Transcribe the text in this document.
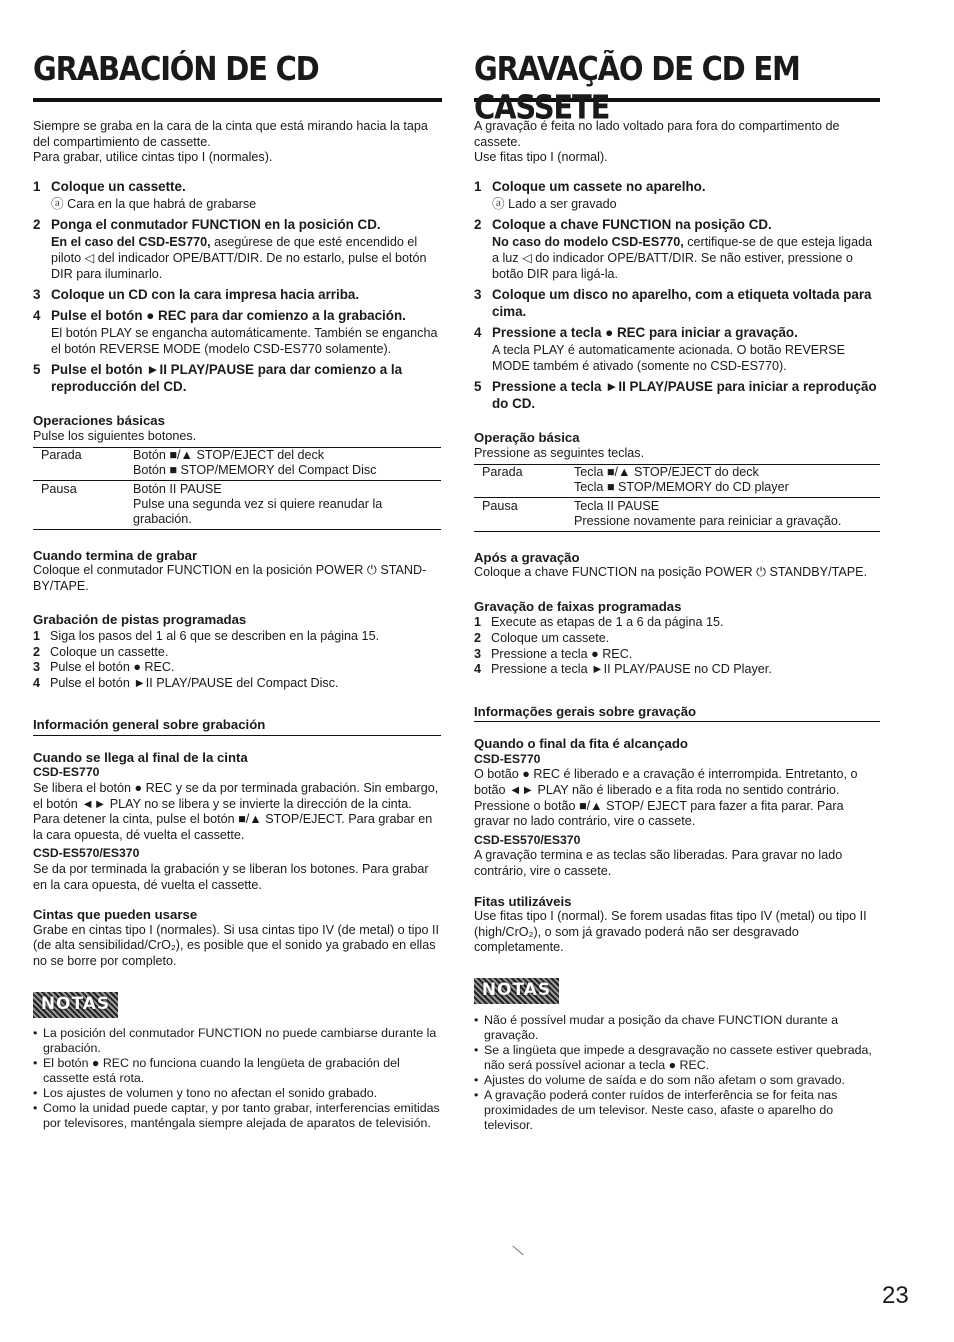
GRABACIÓN DE CD

Siempre se graba en la cara de la cinta que está mirando hacia la tapa del compartimiento de cassette.

Para grabar, utilice cintas tipo I (normales).

1 Coloque un cassette.

ⓐ Cara en la que habrá de grabarse

2 Ponga el conmutador FUNCTION en la posición CD.

En el caso del CSD-ES770, asegúrese de que esté encendido el piloto ◁ del indicador OPE/BATT/DIR. De no estarlo, pulse el botón DIR para iluminarlo.

3 Coloque un CD con la cara impresa hacia arriba.
4 Pulse el botón ● REC para dar comienzo a la grabación.

El botón PLAY se engancha automáticamente. También se engancha el botón REVERSE MODE (modelo CSD-ES770 solamente).

5 Pulse el botón ►II PLAY/PAUSE para dar comienzo a la reproducción del CD.
Operaciones básicas

Pulse los siguientes botones.

Parada	Botón ■/▲ STOP/EJECT del deck
Botón ■ STOP/MEMORY del Compact Disc

Pausa	Botón II PAUSE
Pulse una segunda vez si quiere reanudar la grabación.
Cuando termina de grabar

Coloque el conmutador FUNCTION en la posición POWER ⏻ STAND-BY/TAPE.

Grabación de pistas programadas
1 Siga los pasos del 1 al 6 que se describen en la página 15.
2 Coloque un cassette.
3 Pulse el botón ● REC.
4 Pulse el botón ►II PLAY/PAUSE del Compact Disc.
Información general sobre grabación
Cuando se llega al final de la cinta
CSD-ES770

Se libera el botón ● REC y se da por terminada grabación. Sin embargo, el botón ◄► PLAY no se libera y se invierte la dirección de la cinta. Para detener la cinta, pulse el botón ■/▲ STOP/EJECT. Para grabar en la cara opuesta, dé vuelta el cassette.

CSD-ES570/ES370

Se da por terminada la grabación y se liberan los botones. Para grabar en la cara opuesta, dé vuelta el cassette.

Cintas que pueden usarse

Grabe en cintas tipo I (normales). Si usa cintas tipo IV (de metal) o tipo II (de alta sensibilidad/CrO₂), es posible que el sonido ya grabado en ellas no se borre por completo.

NOTAS
• La posición del conmutador FUNCTION no puede cambiarse durante la grabación.
• El botón ● REC no funciona cuando la lengüeta de grabación del cassette está rota.
• Los ajustes de volumen y tono no afectan el sonido grabado.
• Como la unidad puede captar, y por tanto grabar, interferencias emitidas por televisores, manténgala siempre alejada de aparatos de televisión.
GRAVAÇÃO DE CD EM CASSETE

A gravação é feita no lado voltado para fora do compartimento de cassete.

Use fitas tipo I (normal).

1 Coloque um cassete no aparelho.

ⓐ Lado a ser gravado

2 Coloque a chave FUNCTION na posição CD.

No caso do modelo CSD-ES770, certifique-se de que esteja ligada a luz ◁ do indicador OPE/BATT/DIR. Se não estiver, pressione o botão DIR para ligá-la.

3 Coloque um disco no aparelho, com a etiqueta voltada para cima.
4 Pressione a tecla ● REC para iniciar a gravação.

A tecla PLAY é automaticamente acionada. O botão REVERSE MODE também é ativado (somente no CSD-ES770).

5 Pressione a tecla ►II PLAY/PAUSE para iniciar a reprodução do CD.
Operação básica

Pressione as seguintes teclas.

Parada	Tecla ■/▲ STOP/EJECT do deck
Tecla ■ STOP/MEMORY do CD player

Pausa	Tecla II PAUSE
Pressione novamente para reiniciar a gravação.
Após a gravação

Coloque a chave FUNCTION na posição POWER ⏻ STANDBY/TAPE.

Gravação de faixas programadas
1 Execute as etapas de 1 a 6 da página 15.
2 Coloque um cassete.
3 Pressione a tecla ● REC.
4 Pressione a tecla ►II PLAY/PAUSE no CD Player.
Informações gerais sobre gravação
Quando o final da fita é alcançado
CSD-ES770

O botão ● REC é liberado e a cravação é interrompida. Entretanto, o botão ◄► PLAY não é liberado e a fita roda no sentido contrário. Pressione o botão ■/▲ STOP/ EJECT para fazer a fita parar. Para gravar no lado contrário, vire o cassete.

CSD-ES570/ES370

A gravação termina e as teclas são liberadas. Para gravar no lado contrário, vire o cassete.

Fitas utilizáveis

Use fitas tipo I (normal). Se forem usadas fitas tipo IV (metal) ou tipo II (high/CrO₂), o som já gravado poderá não ser desgravado completamente.

NOTAS
• Não é possível mudar a posição da chave FUNCTION durante a gravação.
• Se a lingüeta que impede a desgravação no cassete estiver quebrada, não será possível acionar a tecla ● REC.
• Ajustes do volume de saída e do som não afetam o som gravado.
• A gravação poderá conter ruídos de interferência se for feita nas proximidades de um televisor. Neste caso, afaste o aparelho do televisor.
23
